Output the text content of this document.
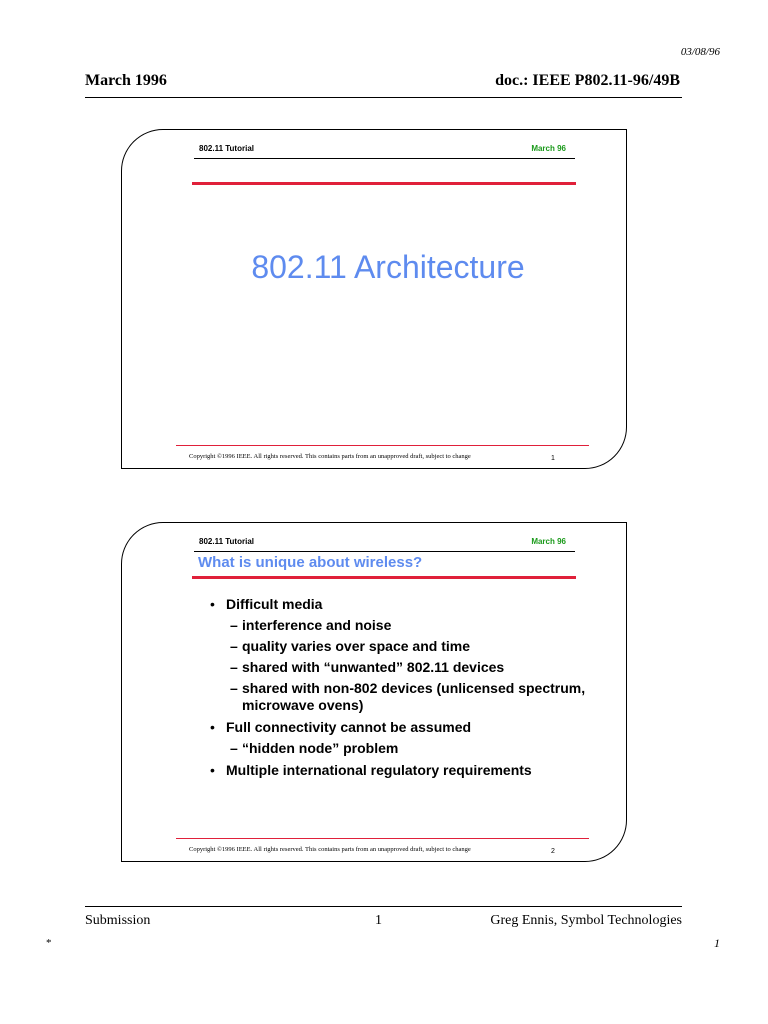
03/08/96
March 1996	doc.: IEEE P802.11-96/49B
802.11 Tutorial	March 96
802.11 Architecture
Copyright ©1996 IEEE. All rights reserved. This contains parts from an unapproved draft, subject to change	1
802.11 Tutorial	March 96
What is unique about wireless?
• Difficult media
– interference and noise
– quality varies over space and time
– shared with “unwanted” 802.11 devices
– shared with non-802 devices (unlicensed spectrum, microwave ovens)
• Full connectivity cannot be assumed
– “hidden node” problem
• Multiple international regulatory requirements
Copyright ©1996 IEEE. All rights reserved. This contains parts from an unapproved draft, subject to change	2
Submission	1	Greg Ennis, Symbol Technologies
*	1
